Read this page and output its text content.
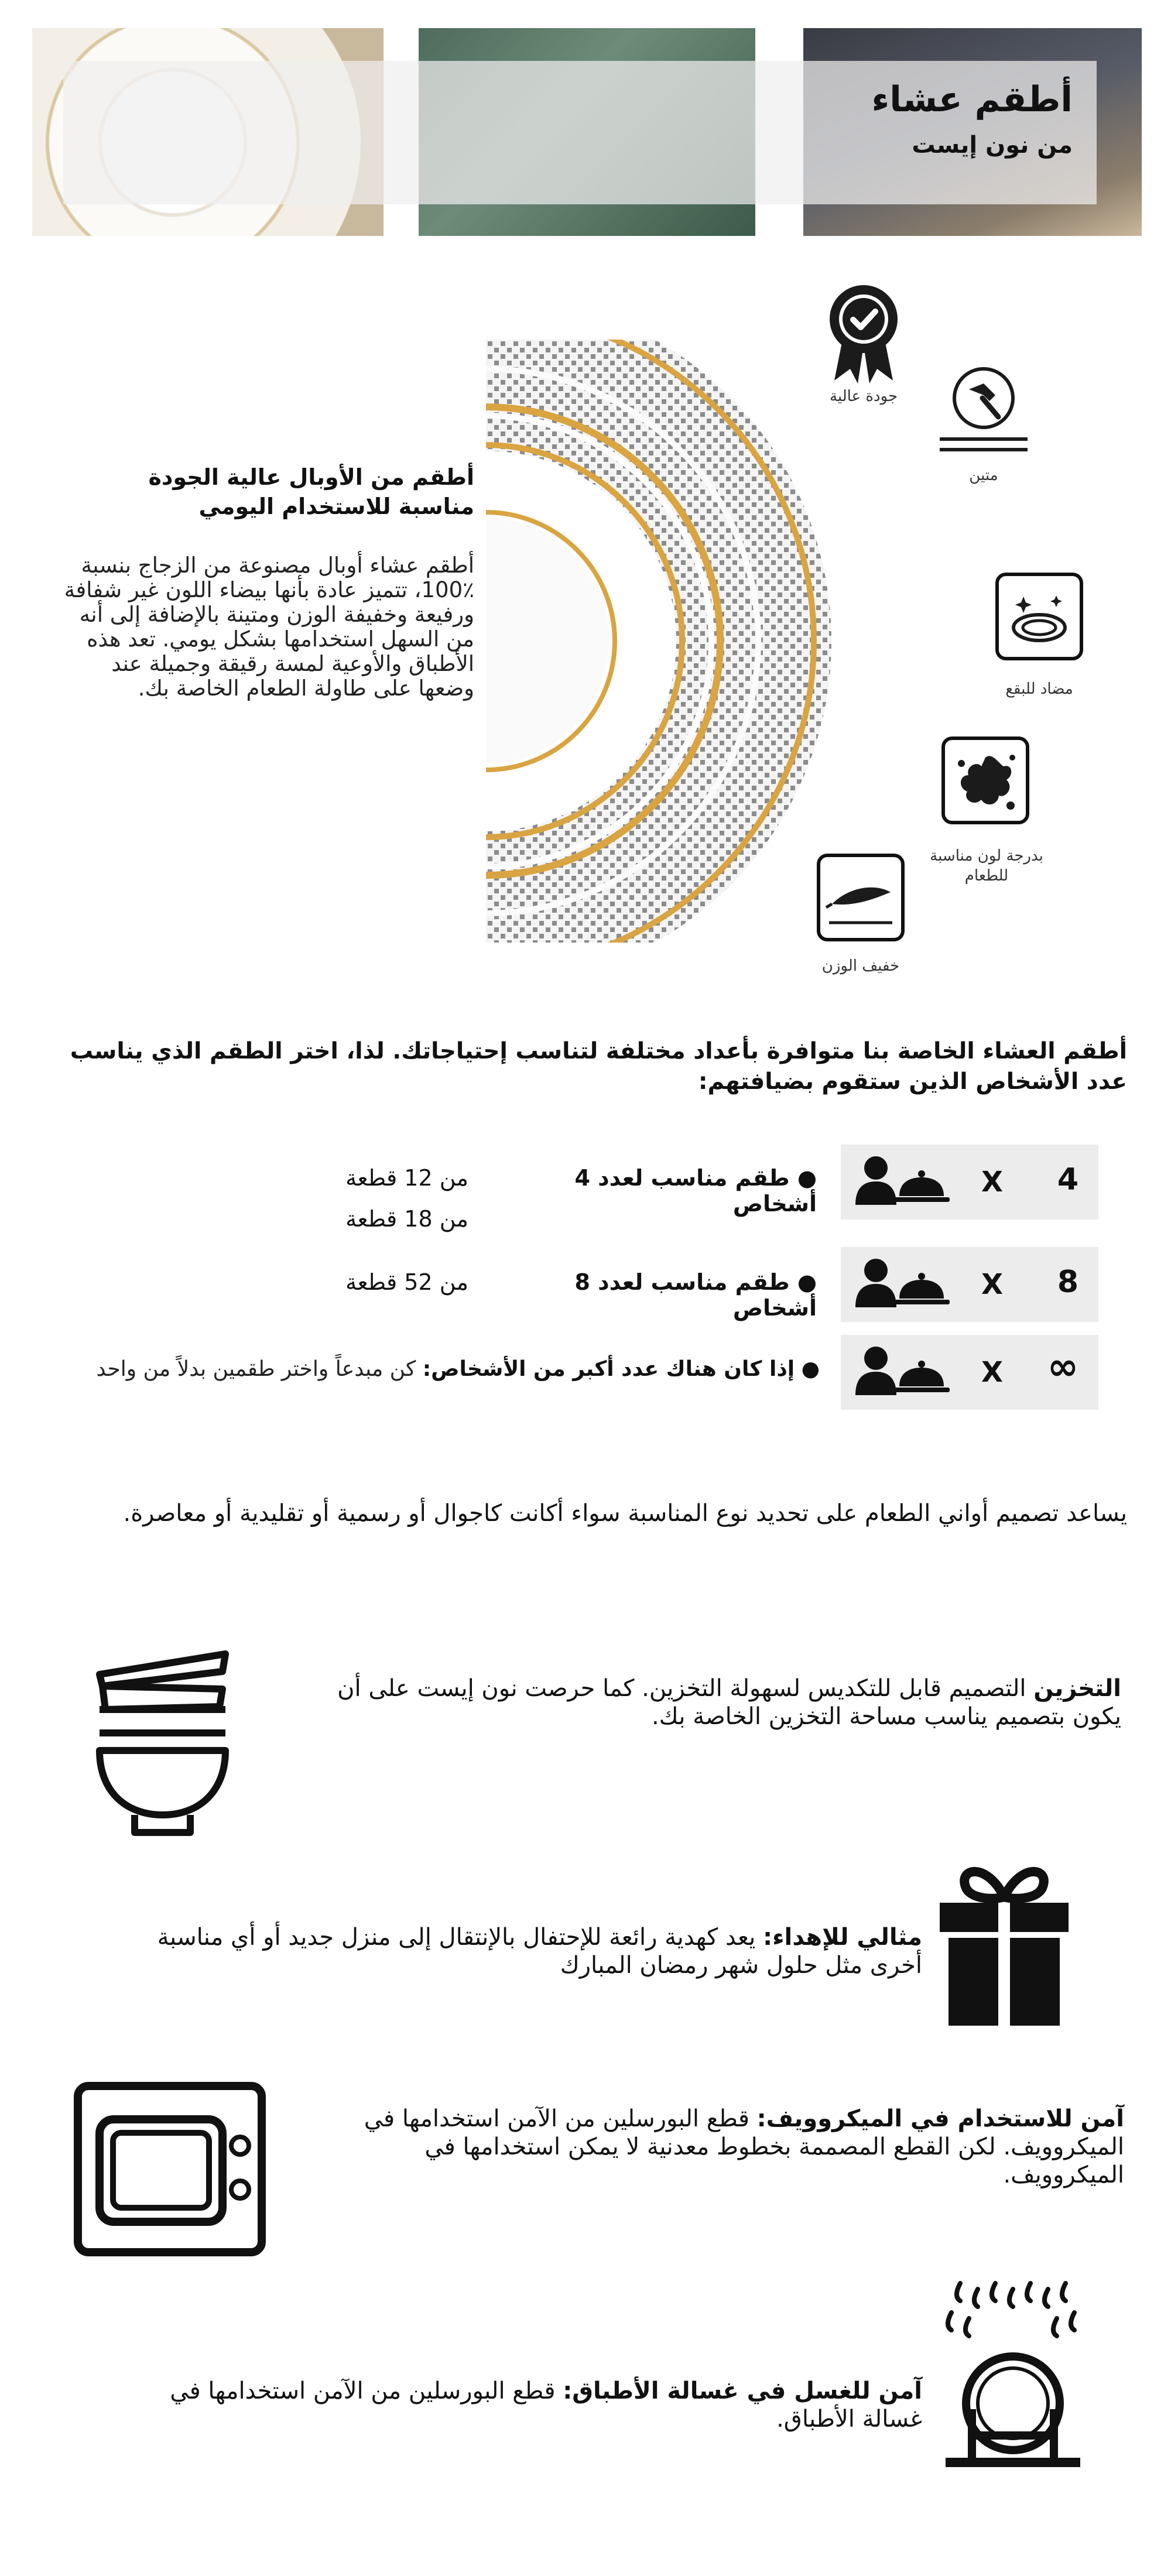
أطقم عشاء
من نون إيست
جودة عالية
متين
مضاد للبقع
بدرجة لون مناسبة للطعام
خفيف الوزن
أطقم من الأوبال عالية الجودة مناسبة للاستخدام اليومي
أطقم عشاء أوبال مصنوعة من الزجاج بنسبة ٪100، تتميز عادة بأنها بيضاء اللون غير شفافة ورفيعة وخفيفة الوزن ومتينة بالإضافة إلى أنه من السهل استخدامها بشكل يومي. تعد هذه الأطباق والأوعية لمسة رقيقة وجميلة عند وضعها على طاولة الطعام الخاصة بك.
أطقم العشاء الخاصة بنا متوافرة بأعداد مختلفة لتناسب إحتياجاتك. لذا، اختر الطقم الذي يناسب عدد الأشخاص الذين ستقوم بضيافتهم:
4
X
● طقم مناسب لعدد 4 أشخاص
من 12 قطعة
من 18 قطعة
8
X
● طقم مناسب لعدد 8 أشخاص
من 52 قطعة
∞
X
● إذا كان هناك عدد أكبر من الأشخاص: كن مبدعاً واختر طقمين بدلاً من واحد
يساعد تصميم أواني الطعام على تحديد نوع المناسبة سواء أكانت كاجوال أو رسمية أو تقليدية أو معاصرة.
التخزين التصميم قابل للتكديس لسهولة التخزين. كما حرصت نون إيست على أن يكون بتصميم يناسب مساحة التخزين الخاصة بك.
مثالي للإهداء: يعد كهدية رائعة للإحتفال بالإنتقال إلى منزل جديد أو أي مناسبة أخرى مثل حلول شهر رمضان المبارك
آمن للاستخدام في الميكروويف: قطع البورسلين من الآمن استخدامها في الميكروويف. لكن القطع المصممة بخطوط معدنية لا يمكن استخدامها في الميكروويف.
آمن للغسل في غسالة الأطباق: قطع البورسلين من الآمن استخدامها في غسالة الأطباق.
